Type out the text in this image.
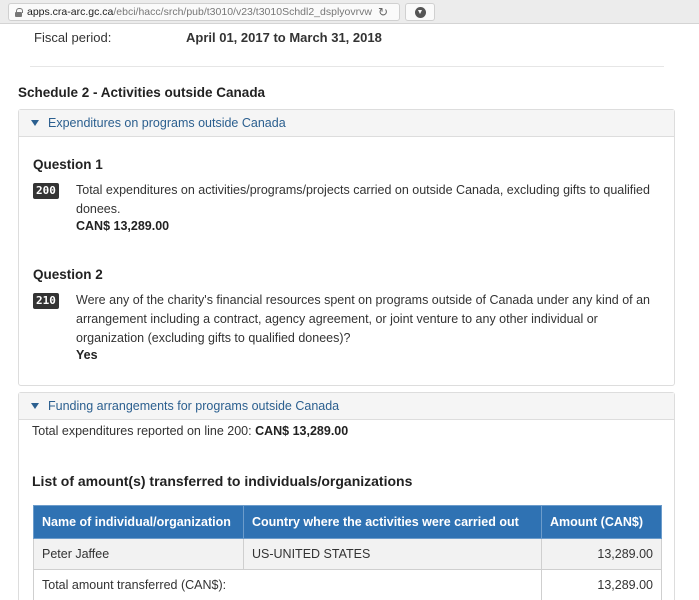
apps.cra-arc.gc.ca /ebci/hacc/srch/pub/t3010/v23/t3010Schdl2_dsplyovrvw ↻
Fiscal period:	April 01, 2017 to March 31, 2018
Schedule 2 - Activities outside Canada
Expenditures on programs outside Canada
Question 1
200 Total expenditures on activities/programs/projects carried on outside Canada, excluding gifts to qualified donees.
CAN$ 13,289.00
Question 2
210 Were any of the charity's financial resources spent on programs outside of Canada under any kind of an arrangement including a contract, agency agreement, or joint venture to any other individual or organization (excluding gifts to qualified donees)?
Yes
Funding arrangements for programs outside Canada
Total expenditures reported on line 200: CAN$ 13,289.00
List of amount(s) transferred to individuals/organizations
Name of individual/organization	Country where the activities were carried out	Amount (CAN$)
Peter Jaffee	US-UNITED STATES	13,289.00
Total amount transferred (CAN$):		13,289.00
